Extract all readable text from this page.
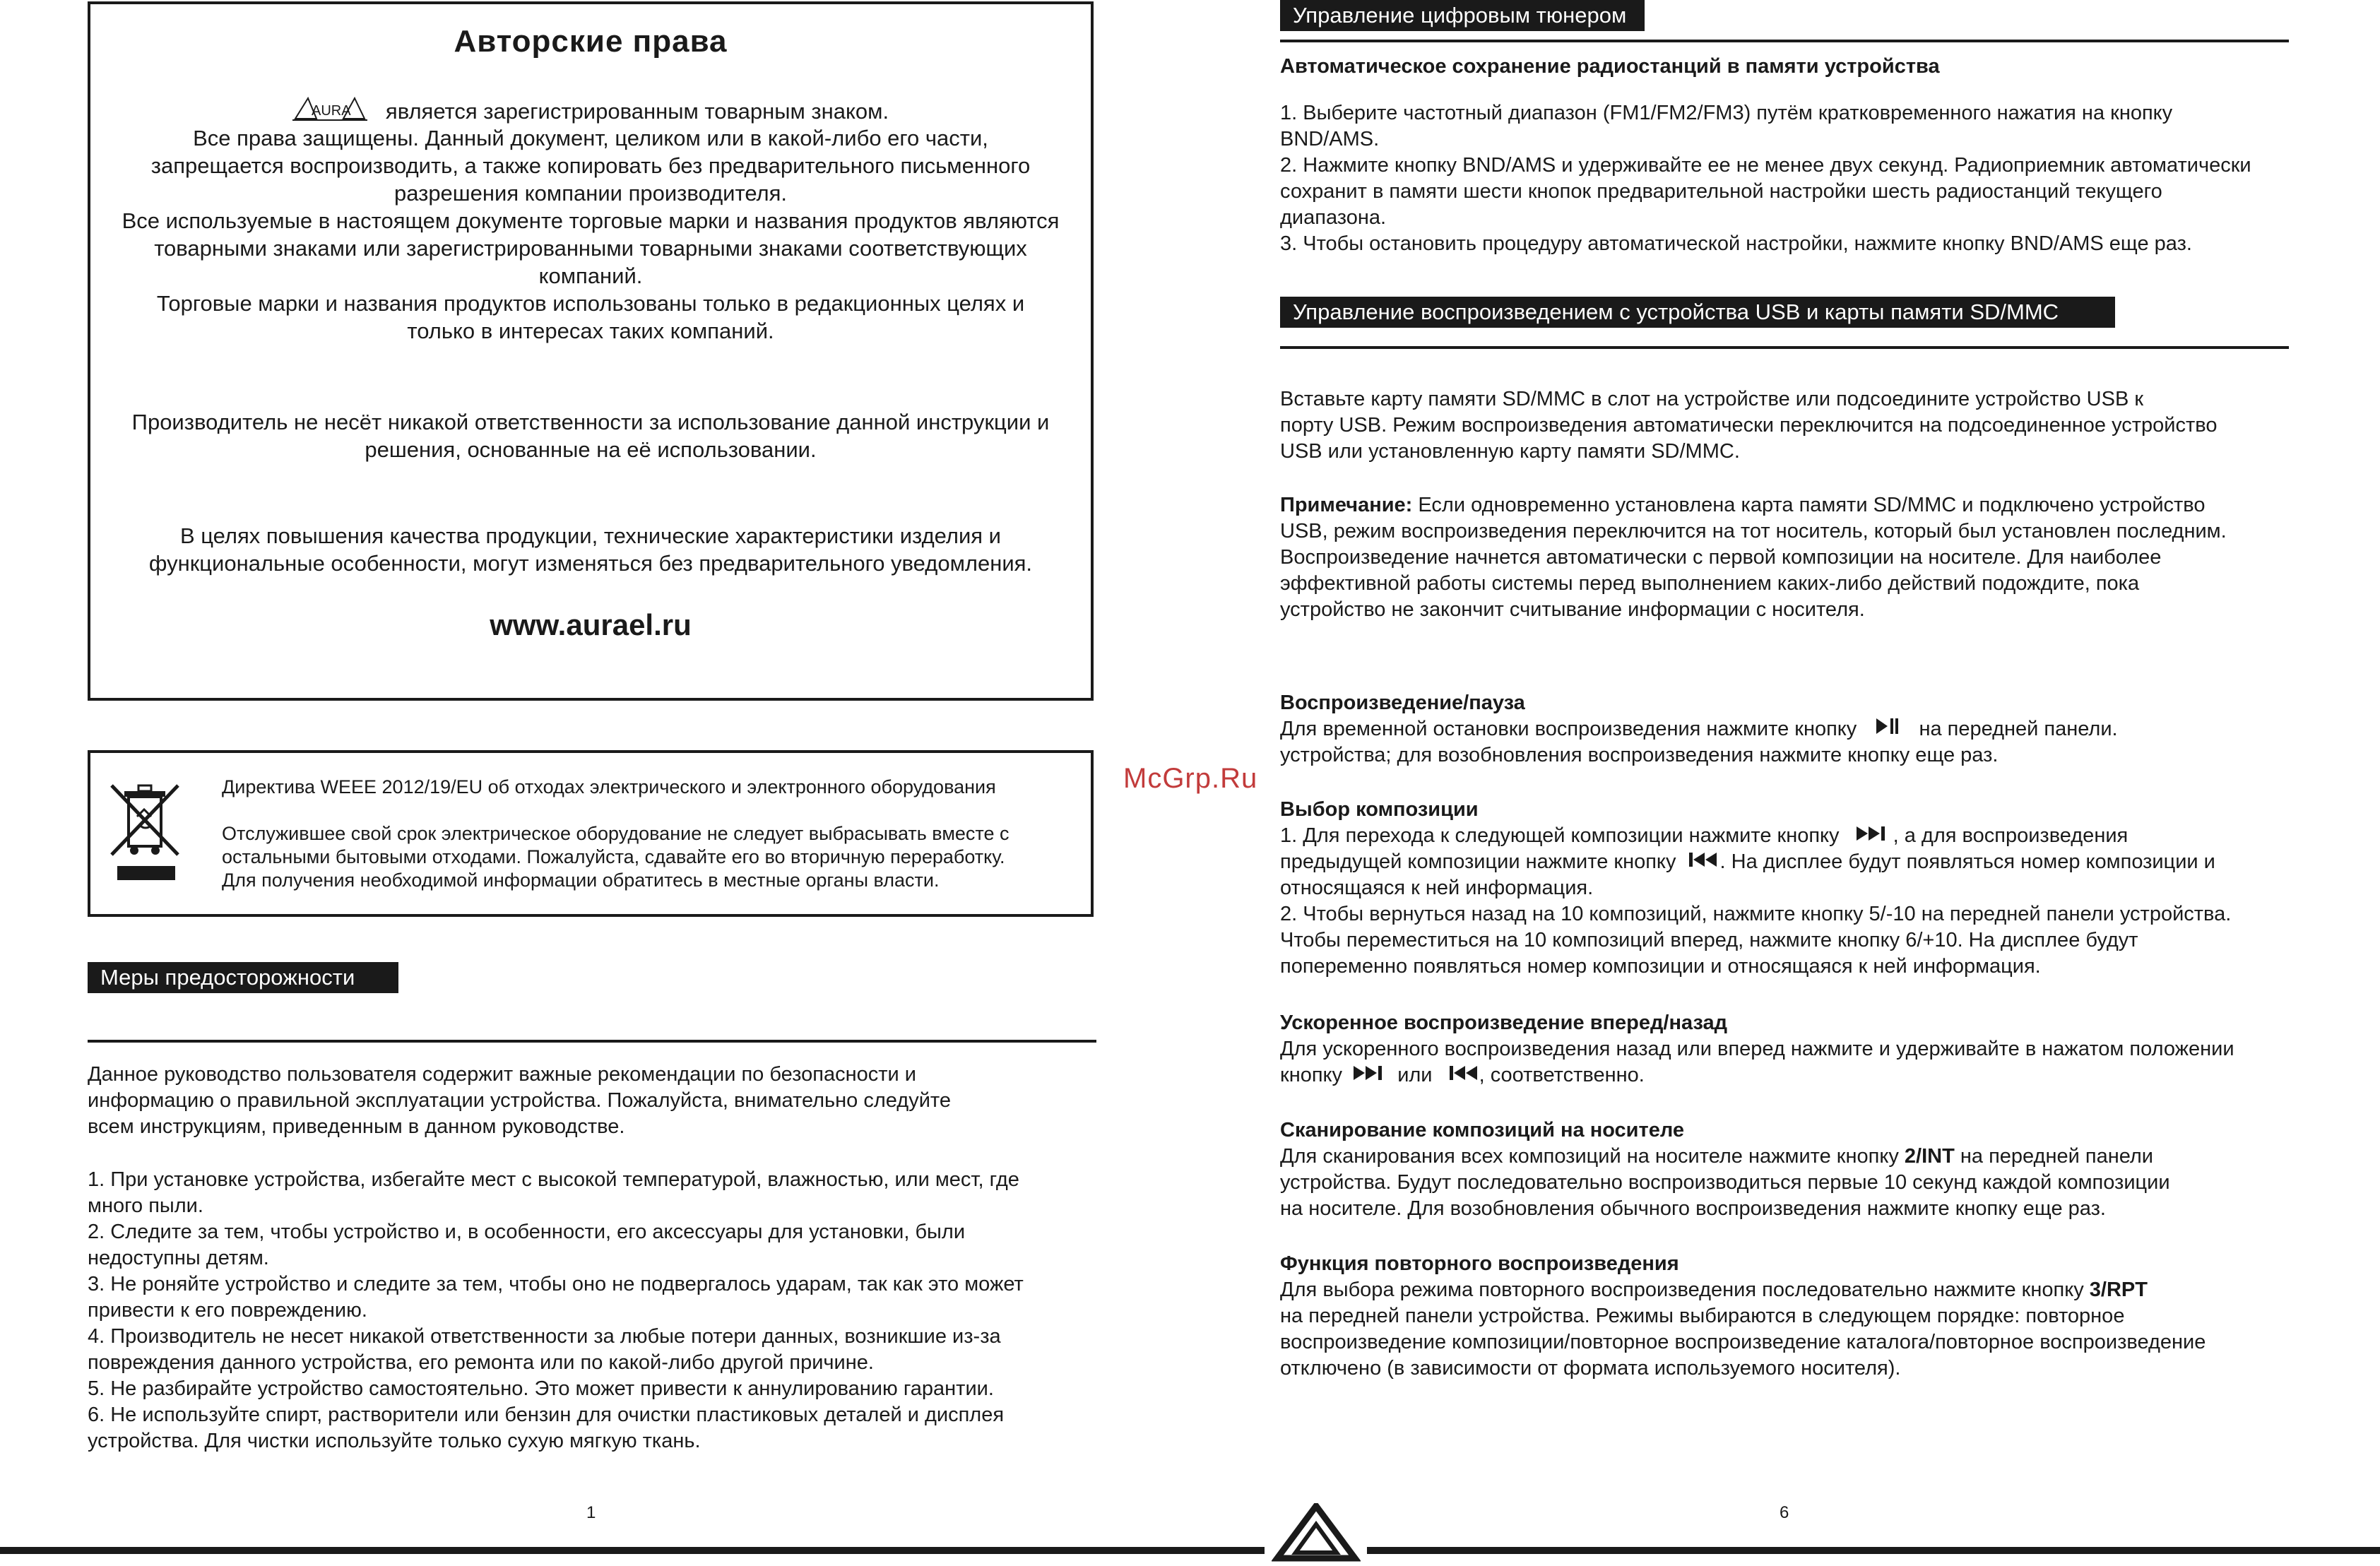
Авторские права
AURA является зарегистрированным товарным знаком.
Все права защищены. Данный документ, целиком или в какой-либо его части,
запрещается воспроизводить, а также копировать без предварительного письменного
разрешения компании производителя.
Все используемые в настоящем документе торговые марки и названия продуктов являются
товарными знаками или зарегистрированными товарными знаками соответствующих
компаний.
Торговые марки и названия продуктов использованы только в редакционных целях и
только в интересах таких компаний.
Производитель не несёт никакой ответственности за использование данной инструкции и
решения, основанные на её использовании.
В целях повышения качества продукции, технические характеристики изделия и
функциональные особенности, могут изменяться без предварительного уведомления.
www.aurael.ru

Директива WEEE 2012/19/EU об отходах электрического и электронного оборудования

Отслужившее свой срок электрическое оборудование не следует выбрасывать вместе с
остальными бытовыми отходами. Пожалуйста, сдавайте его во вторичную переработку.
Для получения необходимой информации обратитесь в местные органы власти.
Меры предосторожности

Данное руководство пользователя содержит важные рекомендации по безопасности и

информацию о правильной эксплуатации устройства. Пожалуйста, внимательно следуйте

всем инструкциям, приведенным в данном руководстве.

1. При установке устройства, избегайте мест с высокой температурой, влажностью, или мест, где

много пыли.

2. Следите за тем, чтобы устройство и, в особенности, его аксессуары для установки, были

недоступны детям.

3. Не роняйте устройство и следите за тем, чтобы оно не подвергалось ударам, так как это может

привести к его повреждению.

4. Производитель не несет никакой ответственности за любые потери данных, возникшие из-за

повреждения данного устройства, его ремонта или по какой-либо другой причине.

5. Не разбирайте устройство самостоятельно. Это может привести к аннулированию гарантии.

6. Не используйте спирт, растворители или бензин для очистки пластиковых деталей и дисплея

устройства. Для чистки используйте только сухую мягкую ткань.

1
McGrp.Ru
Управление цифровым тюнером

Автоматическое сохранение радиостанций в памяти устройства

1. Выберите частотный диапазон (FM1/FM2/FM3) путём кратковременного нажатия на кнопку

BND/AMS.

2. Нажмите кнопку BND/AMS и удерживайте ее не менее двух секунд. Радиоприемник автоматически

сохранит в памяти шести кнопок предварительной настройки шесть радиостанций текущего

диапазона.

3. Чтобы остановить процедуру автоматической настройки, нажмите кнопку BND/AMS еще раз.

Управление воспроизведением с устройства USB и карты памяти SD/MMC

Вставьте карту памяти SD/MMC в слот на устройстве или подсоедините устройство USB к

порту USB. Режим воспроизведения автоматически переключится на подсоединенное устройство

USB или установленную карту памяти SD/MMC.

Примечание: Если одновременно установлена карта памяти SD/MMC и подключено устройство

USB, режим воспроизведения переключится на тот носитель, который был установлен последним.

Воспроизведение начнется автоматически с первой композиции на носителе. Для наиболее

эффективной работы системы перед выполнением каких-либо действий подождите, пока

устройство не закончит считывание информации с носителя.

Воспроизведение/пауза

Для временной остановки воспроизведения нажмите кнопку	на передней панели.

устройства; для возобновления воспроизведения нажмите кнопку еще раз.

Выбор композиции

1. Для перехода к следующей композиции нажмите кнопку	, а для воспроизведения

предыдущей композиции нажмите кнопку . На дисплее будут появляться номер композиции и

относящаяся к ней информация.

2. Чтобы вернуться назад на 10 композиций, нажмите кнопку 5/-10 на передней панели устройства.

Чтобы переместиться на 10 композиций вперед, нажмите кнопку 6/+10. На дисплее будут

попеременно появляться номер композиции и относящаяся к ней информация.

Ускоренное воспроизведение вперед/назад

Для ускоренного воспроизведения назад или вперед нажмите и удерживайте в нажатом положении

кнопку	или , соответственно.

Сканирование композиций на носителе

Для сканирования всех композиций на носителе нажмите кнопку 2/INT на передней панели

устройства. Будут последовательно воспроизводиться первые 10 секунд каждой композиции

на носителе. Для возобновления обычного воспроизведения нажмите кнопку еще раз.

Функция повторного воспроизведения

Для выбора режима повторного воспроизведения последовательно нажмите кнопку 3/RPT

на передней панели устройства. Режимы выбираются в следующем порядке: повторное

воспроизведение композиции/повторное воспроизведение каталога/повторное воспроизведение

отключено (в зависимости от формата используемого носителя).

6
